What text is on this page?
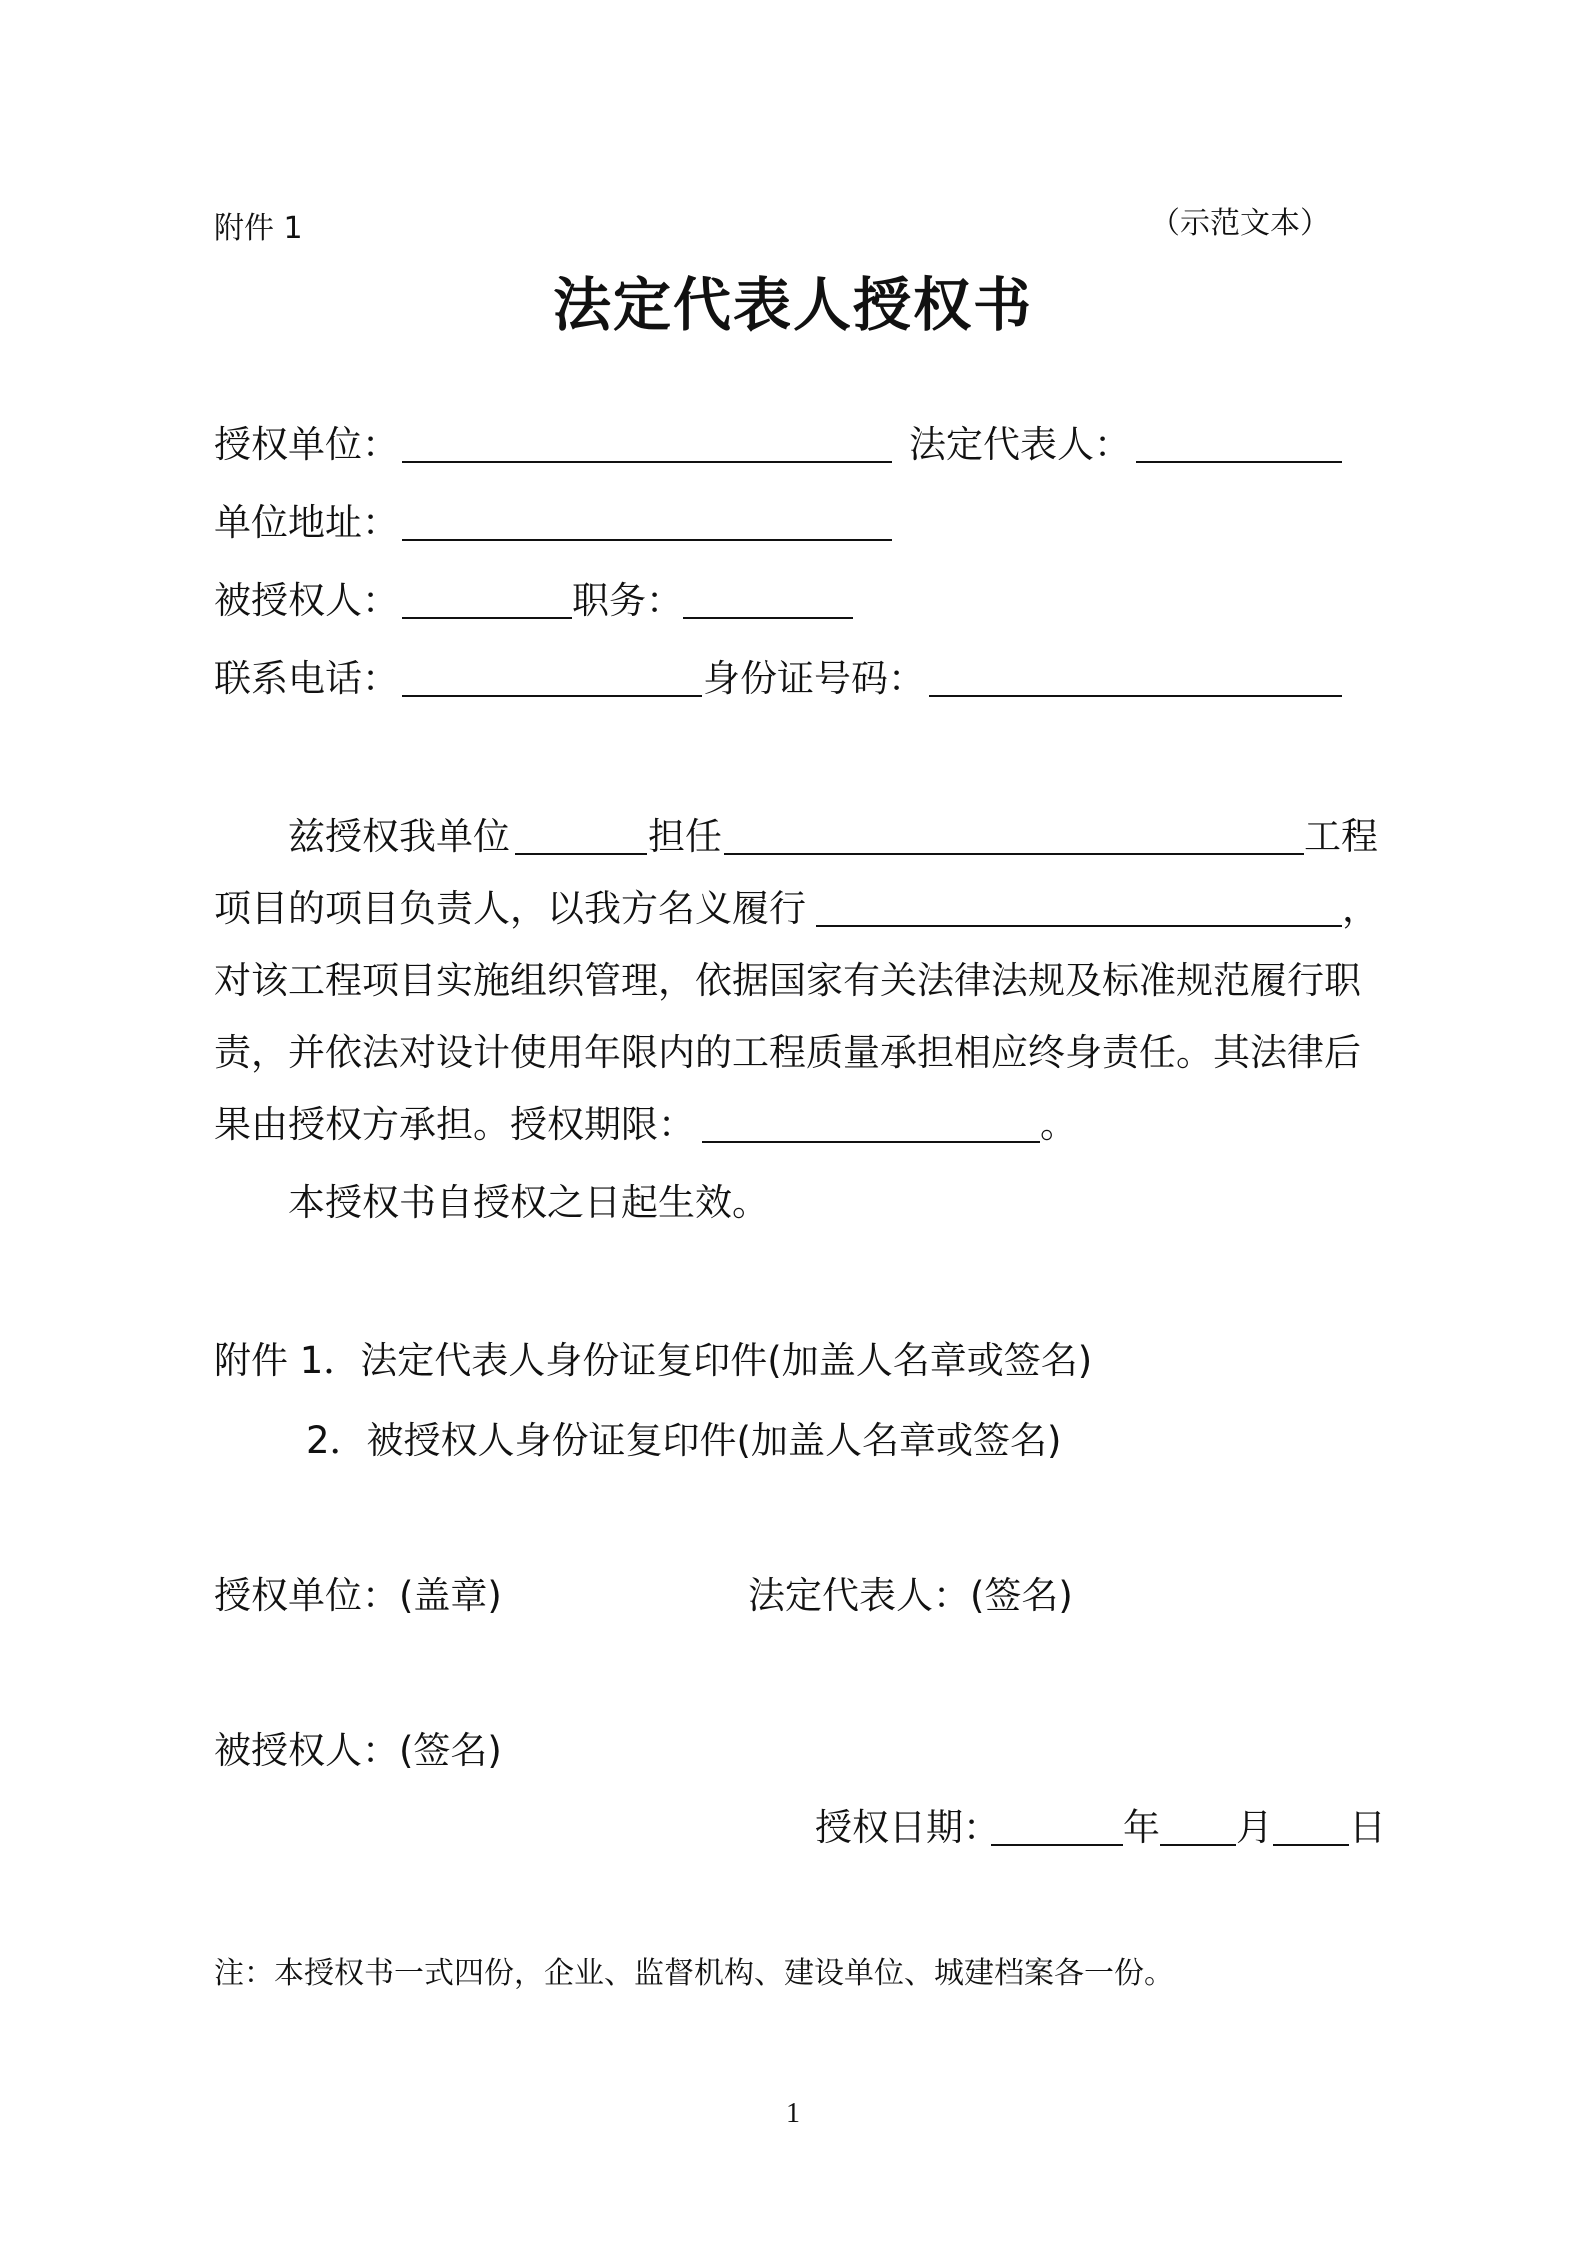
附件 1	（示范文本）
法定代表人授权书
授权单位：	法定代表人：
单位地址：
被授权人：	职务：
联系电话：	身份证号码：
兹授权我单位	担任	工程
项目的项目负责人，以我方名义履行	，
对该工程项目实施组织管理，依据国家有关法律法规及标准规范履行职
责，并依法对设计使用年限内的工程质量承担相应终身责任。其法律后
果由授权方承担。授权期限：	。
本授权书自授权之日起生效。
附件 1．法定代表人身份证复印件(加盖人名章或签名)
2．被授权人身份证复印件(加盖人名章或签名)
授权单位：(盖章)	法定代表人：(签名)
被授权人：(签名)
授权日期：	年 月 日
注：本授权书一式四份，企业、监督机构、建设单位、城建档案各一份。
1
